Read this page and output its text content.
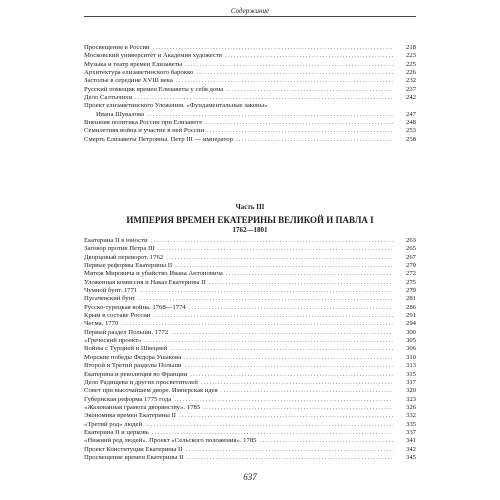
Содержание
Просвещение в России .....	218
Московский университет и Академия художеств .....	223
Музыка и театр времен Елизаветы .....	225
Архитектура елизаветинского барокко .....	226
Застолье в середине XVIII века .....	232
Русский помещик времен Елизаветы у себя дома .....	237
Дело Салтычихи .....	242
Проект елизаветинского Уложения. «Фундаментальные законы»
Ивана Шувалова .....	247
Внешняя политика России при Елизавете .....	248
Семилетняя война и участие в ней России .....	253
Смерть Елизаветы Петровны. Петр III — император .....	258
Часть III
ИМПЕРИЯ ВРЕМЕН ЕКАТЕРИНЫ ВЕЛИКОЙ И ПАВЛА I
1762—1801
Екатерина II в юности .....	263
Заговор против Петра III .....	265
Дворцовый переворот. 1762 .....	267
Первые реформы Екатерины II .....	270
Мятеж Мировича и убийство Ивана Антоновича .....	272
Уложенная комиссия и Наказ Екатерины II .....	275
Чумной бунт. 1771 .....	279
Пугачевский бунт .....	281
Русско-турецкая война. 1768—1774 .....	286
Крым в составе России .....	291
Чесма. 1770 .....	294
Первый раздел Польши. 1772 .....	300
«Греческий проект» .....	305
Войны с Турцией и Швецией .....	306
Морские победы Федора Ушакова .....	310
Второй и Третий разделы Польши .....	313
Екатерина и революция во Франции .....	315
Дело Радищева и других просветителей .....	317
Совет при высочайшем дворе. Имперская идея .....	320
Губернская реформа 1775 года .....	323
«Жалованная грамота дворянству». 1785 .....	326
Экономика времен Екатерины II .....	332
«Третий род» людей .....	335
Екатерина II и церковь .....	337
«Нижний род людей». Проект «Сельского положения». 1785 .....	341
Проект Конституции Екатерины II .....	342
Просвещение времен Екатерины II .....	345
637
